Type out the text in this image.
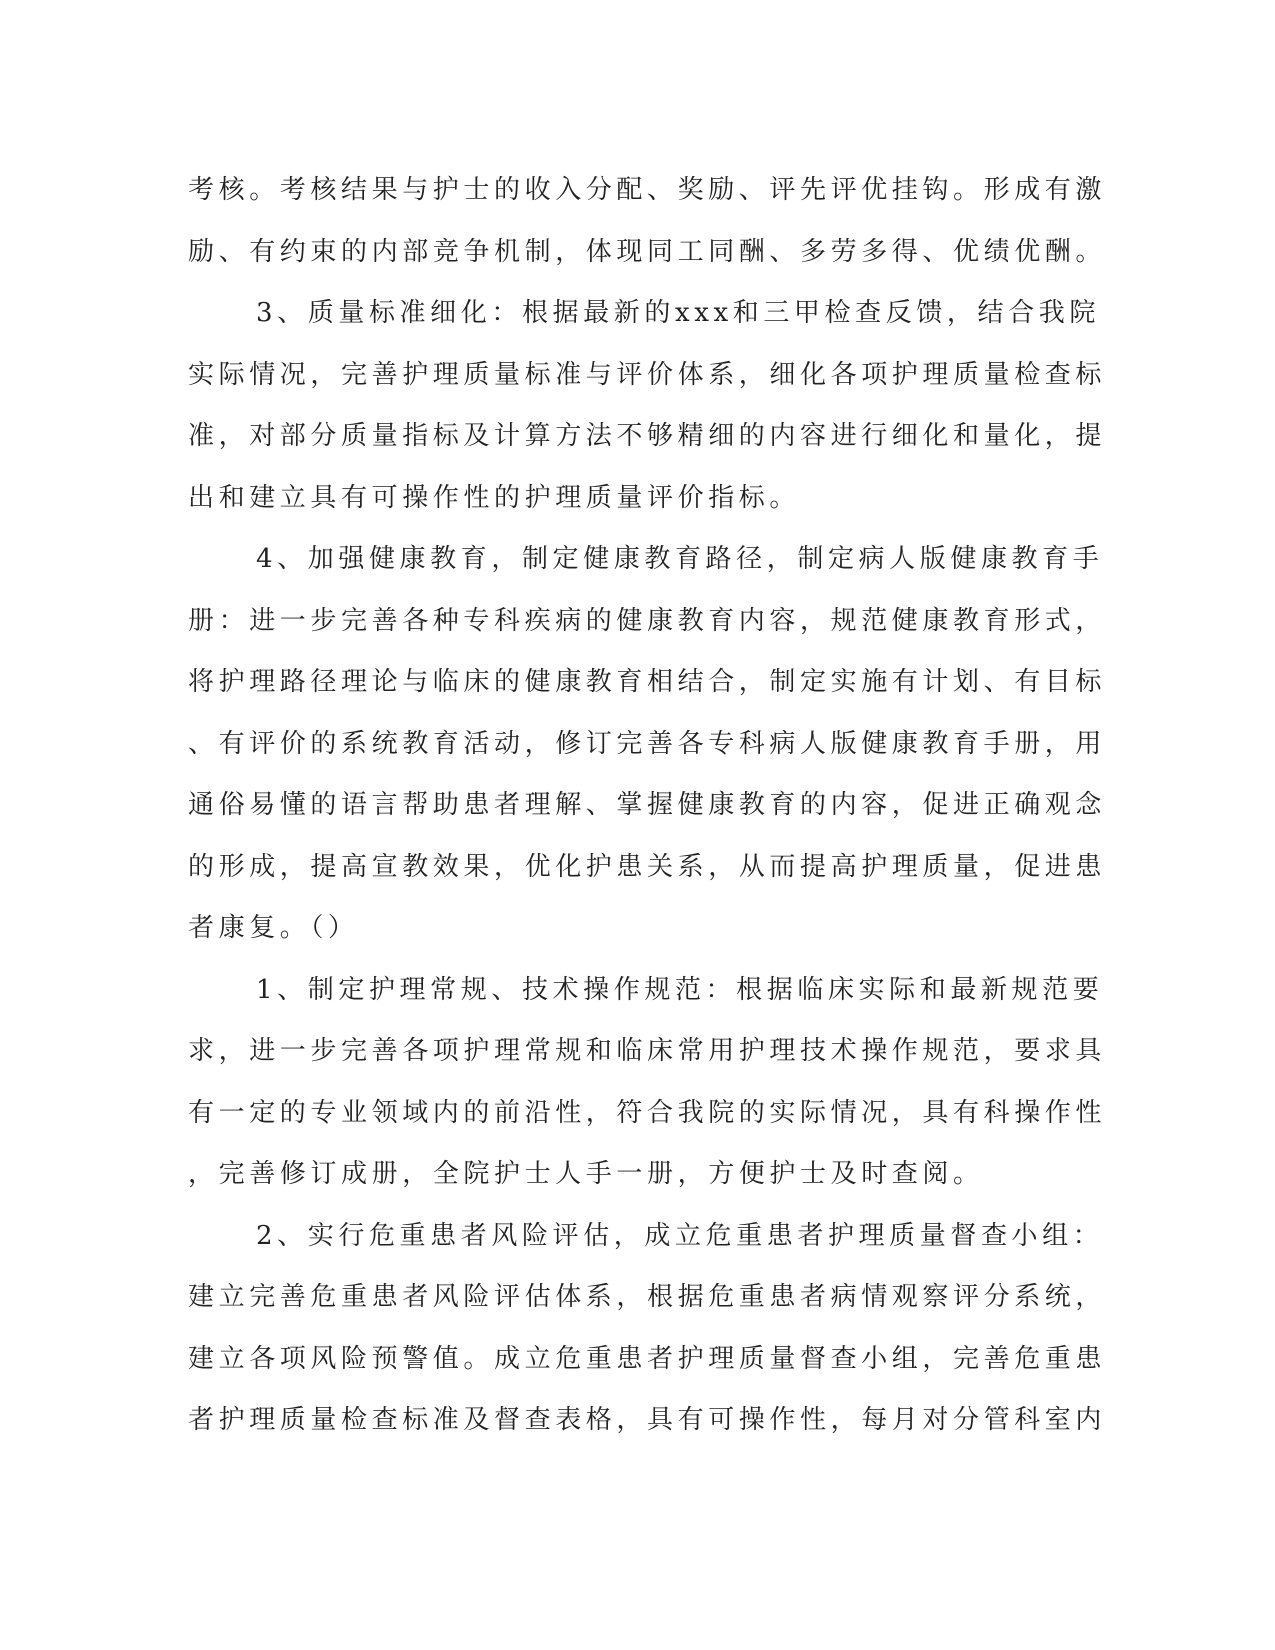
考核。考核结果与护士的收入分配、奖励、评先评优挂钩。形成有激
励、有约束的内部竞争机制，体现同工同酬、多劳多得、优绩优酬。
3、质量标准细化：根据最新的xxx和三甲检查反馈，结合我院
实际情况，完善护理质量标准与评价体系，细化各项护理质量检查标
准，对部分质量指标及计算方法不够精细的内容进行细化和量化，提
出和建立具有可操作性的护理质量评价指标。
4、加强健康教育，制定健康教育路径，制定病人版健康教育手
册：进一步完善各种专科疾病的健康教育内容，规范健康教育形式，
将护理路径理论与临床的健康教育相结合，制定实施有计划、有目标
、有评价的系统教育活动，修订完善各专科病人版健康教育手册，用
通俗易懂的语言帮助患者理解、掌握健康教育的内容，促进正确观念
的形成，提高宣教效果，优化护患关系，从而提高护理质量，促进患
者康复。（）
1、制定护理常规、技术操作规范：根据临床实际和最新规范要
求，进一步完善各项护理常规和临床常用护理技术操作规范，要求具
有一定的专业领域内的前沿性，符合我院的实际情况，具有科操作性
，完善修订成册，全院护士人手一册，方便护士及时查阅。
2、实行危重患者风险评估，成立危重患者护理质量督查小组：
建立完善危重患者风险评估体系，根据危重患者病情观察评分系统，
建立各项风险预警值。成立危重患者护理质量督查小组，完善危重患
者护理质量检查标准及督查表格，具有可操作性，每月对分管科室内
